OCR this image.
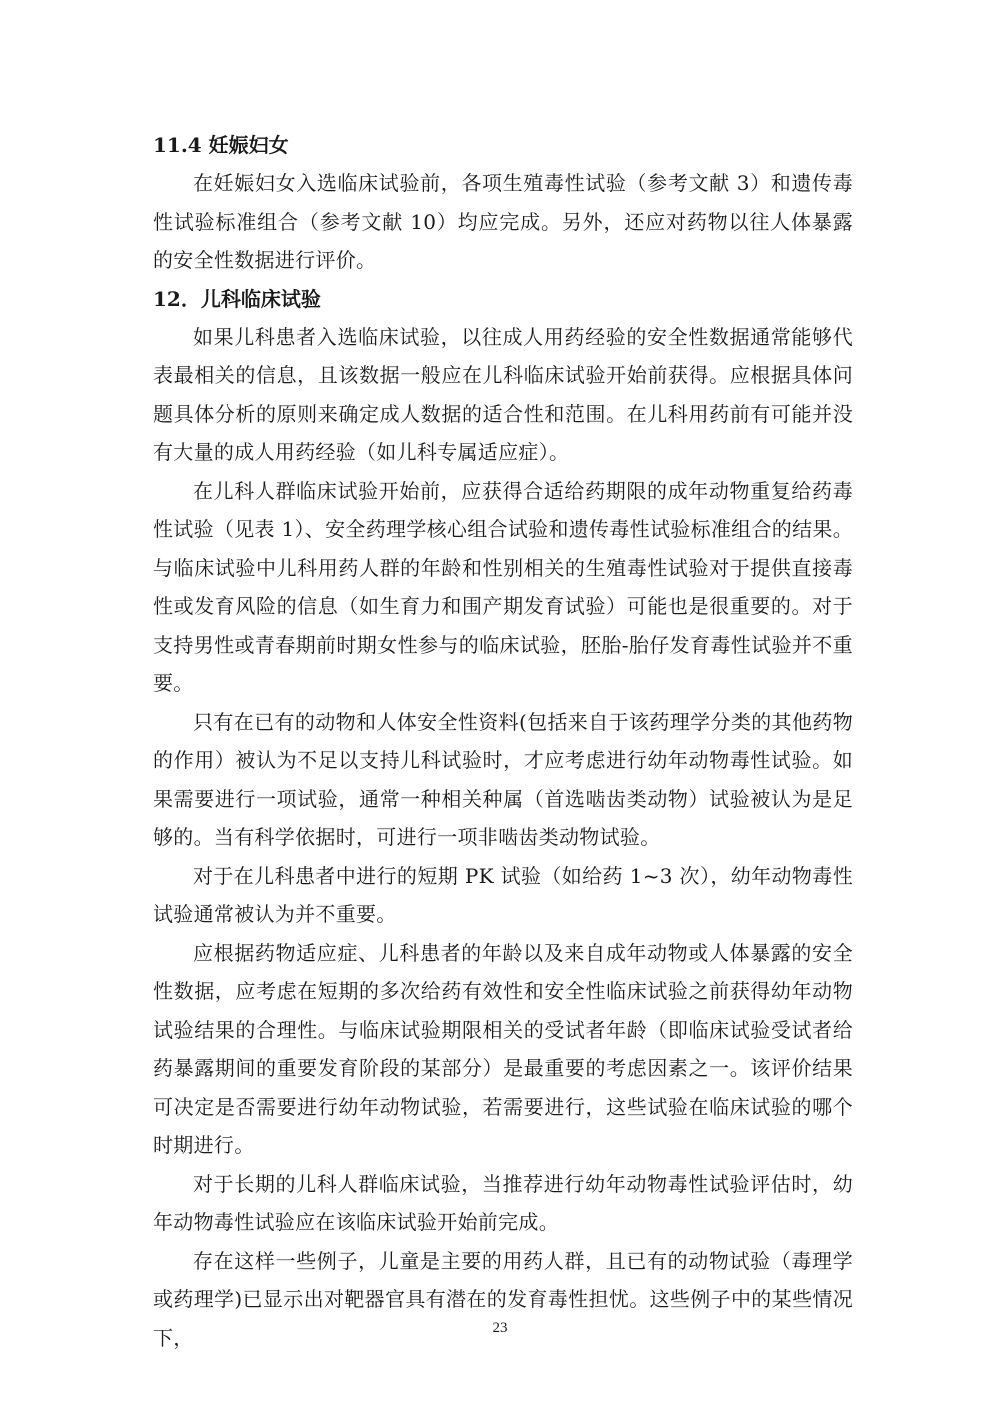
11.4 妊娠妇女

在妊娠妇女入选临床试验前，各项生殖毒性试验（参考文献 3）和遗传毒性试验标准组合（参考文献 10）均应完成。另外，还应对药物以往人体暴露的安全性数据进行评价。

12．儿科临床试验

如果儿科患者入选临床试验，以往成人用药经验的安全性数据通常能够代表最相关的信息，且该数据一般应在儿科临床试验开始前获得。应根据具体问题具体分析的原则来确定成人数据的适合性和范围。在儿科用药前有可能并没有大量的成人用药经验（如儿科专属适应症）。

在儿科人群临床试验开始前，应获得合适给药期限的成年动物重复给药毒性试验（见表 1）、安全药理学核心组合试验和遗传毒性试验标准组合的结果。与临床试验中儿科用药人群的年龄和性别相关的生殖毒性试验对于提供直接毒性或发育风险的信息（如生育力和围产期发育试验）可能也是很重要的。对于支持男性或青春期前时期女性参与的临床试验，胚胎-胎仔发育毒性试验并不重要。

只有在已有的动物和人体安全性资料(包括来自于该药理学分类的其他药物的作用）被认为不足以支持儿科试验时，才应考虑进行幼年动物毒性试验。如果需要进行一项试验，通常一种相关种属（首选啮齿类动物）试验被认为是足够的。当有科学依据时，可进行一项非啮齿类动物试验。

对于在儿科患者中进行的短期 PK 试验（如给药 1~3 次），幼年动物毒性试验通常被认为并不重要。

应根据药物适应症、儿科患者的年龄以及来自成年动物或人体暴露的安全性数据，应考虑在短期的多次给药有效性和安全性临床试验之前获得幼年动物试验结果的合理性。与临床试验期限相关的受试者年龄（即临床试验受试者给药暴露期间的重要发育阶段的某部分）是最重要的考虑因素之一。该评价结果可决定是否需要进行幼年动物试验，若需要进行，这些试验在临床试验的哪个时期进行。

对于长期的儿科人群临床试验，当推荐进行幼年动物毒性试验评估时，幼年动物毒性试验应在该临床试验开始前完成。

存在这样一些例子，儿童是主要的用药人群，且已有的动物试验（毒理学或药理学)已显示出对靶器官具有潜在的发育毒性担忧。这些例子中的某些情况下，	23
